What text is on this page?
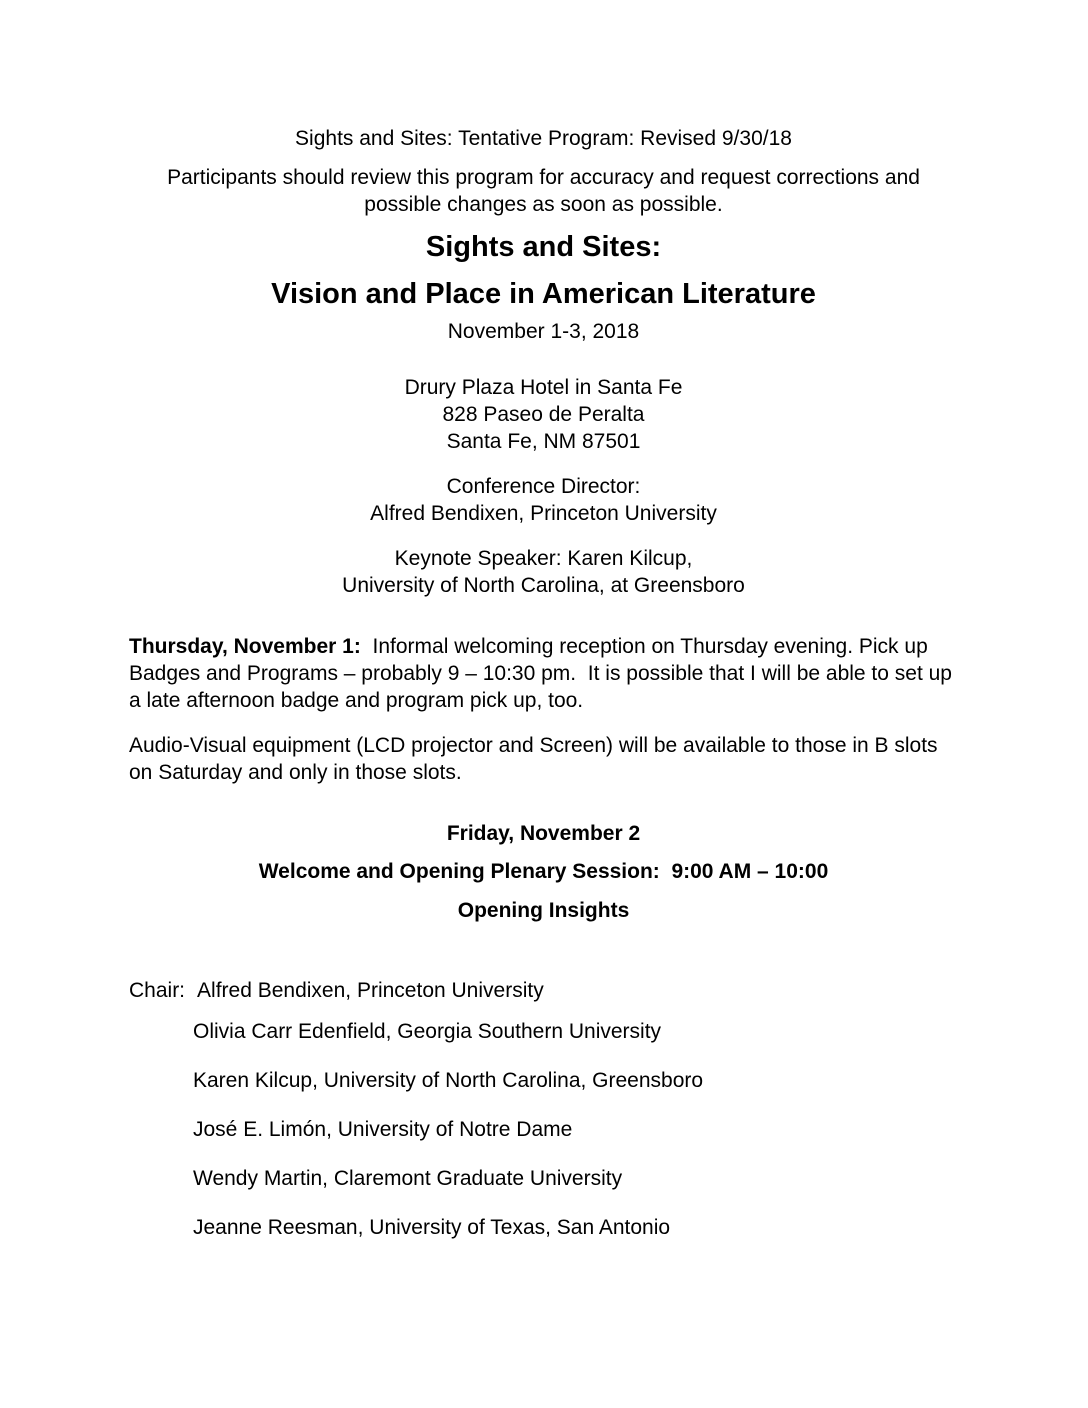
Sights and Sites: Tentative Program: Revised 9/30/18

Participants should review this program for accuracy and request corrections and possible changes as soon as possible.

Sights and Sites:
Vision and Place in American Literature

November 1-3, 2018

Drury Plaza Hotel in Santa Fe
828 Paseo de Peralta
Santa Fe, NM 87501
Conference Director:
Alfred Bendixen, Princeton University
Keynote Speaker: Karen Kilcup,
University of North Carolina, at Greensboro

Thursday, November 1:  Informal welcoming reception on Thursday evening. Pick up Badges and Programs – probably 9 – 10:30 pm.  It is possible that I will be able to set up a late afternoon badge and program pick up, too.

Audio-Visual equipment (LCD projector and Screen) will be available to those in B slots on Saturday and only in those slots.

Friday, November 2

Welcome and Opening Plenary Session:  9:00 AM – 10:00

Opening Insights

Chair: Alfred Bendixen, Princeton University

Olivia Carr Edenfield, Georgia Southern University

Karen Kilcup, University of North Carolina, Greensboro

José E. Limón, University of Notre Dame

Wendy Martin, Claremont Graduate University

Jeanne Reesman, University of Texas, San Antonio
